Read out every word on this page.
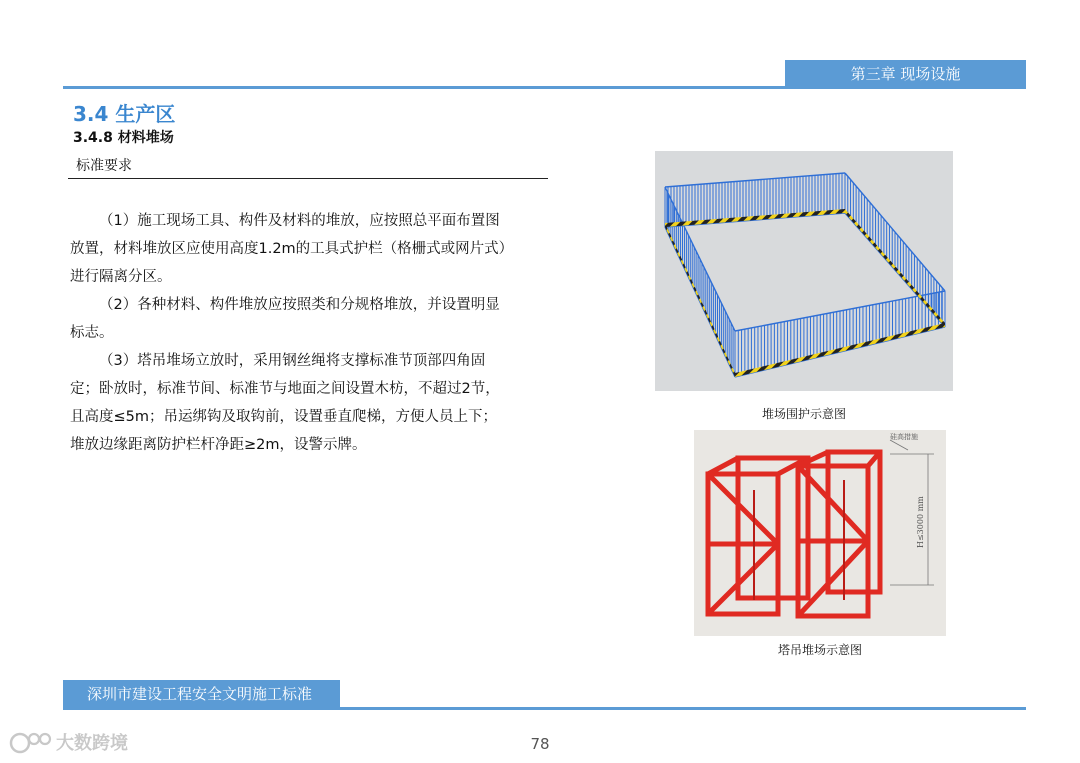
第三章 现场设施
3.4 生产区
3.4.8 材料堆场
标准要求

（1）施工现场工具、构件及材料的堆放，应按照总平面布置图放置，材料堆放区应使用高度1.2m的工具式护栏（格栅式或网片式）进行隔离分区。

（2）各种材料、构件堆放应按照类和分规格堆放，并设置明显标志。

（3）塔吊堆场立放时，采用钢丝绳将支撑标准节顶部四角固定；卧放时，标准节间、标准节与地面之间设置木枋，不超过2节，且高度≤5m；吊运绑钩及取钩前，设置垂直爬梯，方便人员上下；堆放边缘距离防护栏杆净距≥2m，设警示牌。

堆场围护示意图
硅高措施
H≤3000 mm
塔吊堆场示意图
深圳市建设工程安全文明施工标准
78
大数跨境
